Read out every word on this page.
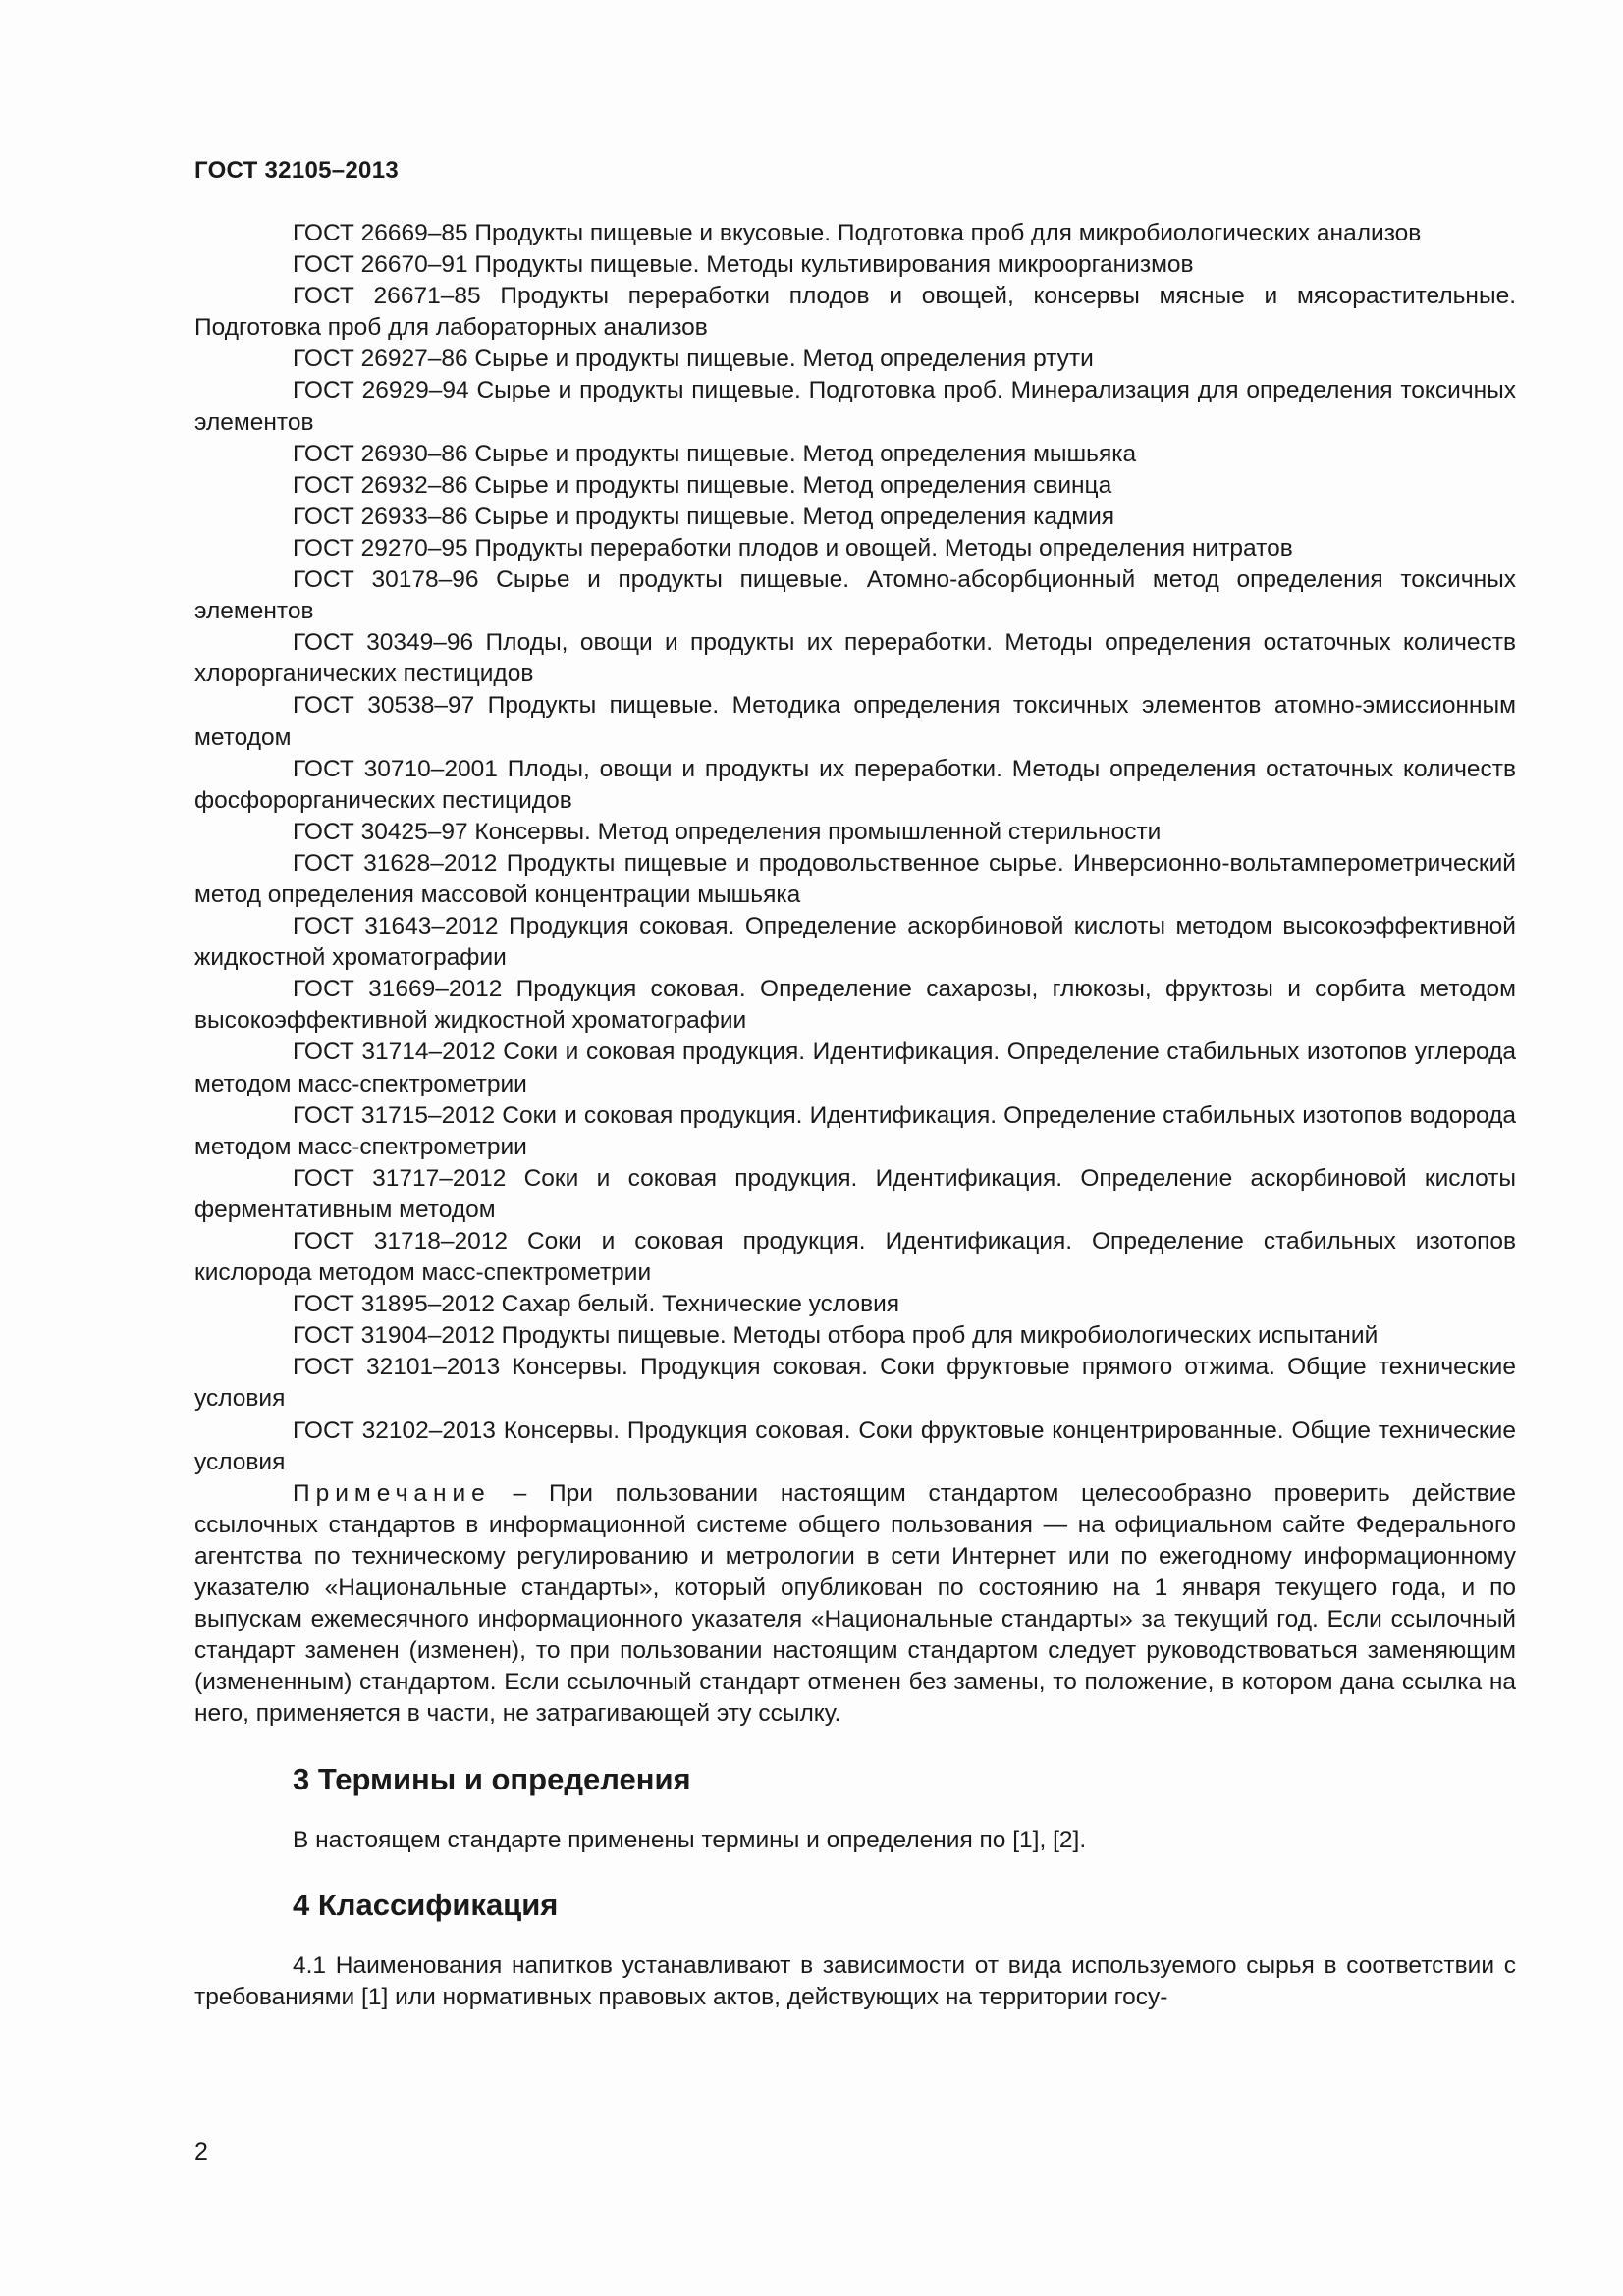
ГОСТ 32105–2013

ГОСТ 26669–85 Продукты пищевые и вкусовые. Подготовка проб для микробиологических анализов

ГОСТ 26670–91 Продукты пищевые. Методы культивирования микроорганизмов

ГОСТ 26671–85 Продукты переработки плодов и овощей, консервы мясные и мясорастительные. Подготовка проб для лабораторных анализов

ГОСТ 26927–86 Сырье и продукты пищевые. Метод определения ртути

ГОСТ 26929–94 Сырье и продукты пищевые. Подготовка проб. Минерализация для определения токсичных элементов

ГОСТ 26930–86 Сырье и продукты пищевые. Метод определения мышьяка

ГОСТ 26932–86 Сырье и продукты пищевые. Метод определения свинца

ГОСТ 26933–86 Сырье и продукты пищевые. Метод определения кадмия

ГОСТ 29270–95 Продукты переработки плодов и овощей. Методы определения нитратов

ГОСТ 30178–96 Сырье и продукты пищевые. Атомно-абсорбционный метод определения токсичных элементов

ГОСТ 30349–96 Плоды, овощи и продукты их переработки. Методы определения остаточных количеств хлорорганических пестицидов

ГОСТ 30538–97 Продукты пищевые. Методика определения токсичных элементов атомно-эмиссионным методом

ГОСТ 30710–2001 Плоды, овощи и продукты их переработки. Методы определения остаточных количеств фосфорорганических пестицидов

ГОСТ 30425–97 Консервы. Метод определения промышленной стерильности

ГОСТ 31628–2012 Продукты пищевые и продовольственное сырье. Инверсионно-вольтамперометрический метод определения массовой концентрации мышьяка

ГОСТ 31643–2012 Продукция соковая. Определение аскорбиновой кислоты методом высокоэффективной жидкостной хроматографии

ГОСТ 31669–2012 Продукция соковая. Определение сахарозы, глюкозы, фруктозы и сорбита методом высокоэффективной жидкостной хроматографии

ГОСТ 31714–2012 Соки и соковая продукция. Идентификация. Определение стабильных изотопов углерода методом масс-спектрометрии

ГОСТ 31715–2012 Соки и соковая продукция. Идентификация. Определение стабильных изотопов водорода методом масс-спектрометрии

ГОСТ 31717–2012 Соки и соковая продукция. Идентификация. Определение аскорбиновой кислоты ферментативным методом

ГОСТ 31718–2012 Соки и соковая продукция. Идентификация. Определение стабильных изотопов кислорода методом масс-спектрометрии

ГОСТ 31895–2012 Сахар белый. Технические условия

ГОСТ 31904–2012 Продукты пищевые. Методы отбора проб для микробиологических испытаний

ГОСТ 32101–2013 Консервы. Продукция соковая. Соки фруктовые прямого отжима. Общие технические условия

ГОСТ 32102–2013 Консервы. Продукция соковая. Соки фруктовые концентрированные. Общие технические условия

Примечание – При пользовании настоящим стандартом целесообразно проверить действие ссылочных стандартов в информационной системе общего пользования — на официальном сайте Федерального агентства по техническому регулированию и метрологии в сети Интернет или по ежегодному информационному указателю «Национальные стандарты», который опубликован по состоянию на 1 января текущего года, и по выпускам ежемесячного информационного указателя «Национальные стандарты» за текущий год. Если ссылочный стандарт заменен (изменен), то при пользовании настоящим стандартом следует руководствоваться заменяющим (измененным) стандартом. Если ссылочный стандарт отменен без замены, то положение, в котором дана ссылка на него, применяется в части, не затрагивающей эту ссылку.

3 Термины и определения

В настоящем стандарте применены термины и определения по [1], [2].

4 Классификация

4.1 Наименования напитков устанавливают в зависимости от вида используемого сырья в соответствии с требованиями [1] или нормативных правовых актов, действующих на территории госу-

2
